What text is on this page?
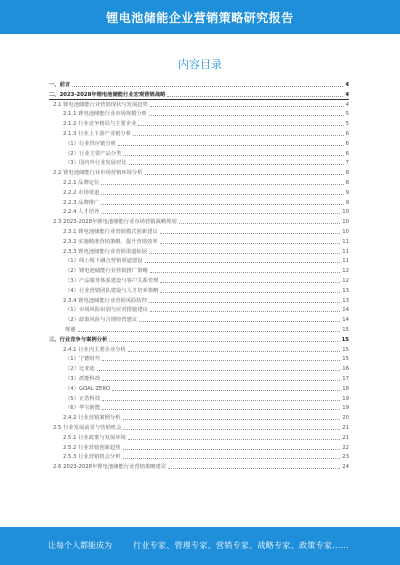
锂电池储能企业营销策略研究报告
内容目录
一、前言	4
二、2023-2028年锂电池储能行业宏观营销战略	4
2.1 锂电池储能行业营销现状与发展趋势	4
2.1.1 锂电池储能行业市场规模分析	5
2.1.2 行业竞争格局与主要企业	5
2.1.3 行业上下游产业链分析	6
（1）行业供应链分析	6
（2）行业主要产品分类	6
（3）国内外行业发展对比	7
2.2 锂电池储能行业市场营销环境分析	8
2.2.1 品牌定位	8
2.2.2 市场渠道	9
2.2.3 品牌推广	9
2.2.4 人才培养	10
2.3 2023-2028年锂电池储能行业市场营销战略规划	10
2.3.1 锂电池储能行业营销模式创新建议	10
2.3.2 实施精准营销策略，提升营销效率	11
2.3.3 锂电池储能行业营销渠道拓展	11
（1）线上线下融合营销渠道建设	11
（2）锂电池储能行业营销推广策略	12
（3）产品服务体系建设与客户关系管理	12
（4）行业营销团队建设与人才培养策略	13
2.3.4 锂电池储能行业营销风险防控	13
（1）市场风险识别与应对措施建议	14
（2）政策风险与合规经营建议	14
规避	15
三、行业竞争与案例分析	15
2.4.1 行业内主要企业分析	15
（1）宁德时代	15
（2）比亚迪	16
（3）派能科技	17
（4）GOAL ZERO	18
（5）正浩科技	19
（6）华宝新能	19
2.4.2 行业营销案例分析	20
2.5 行业发展前景与营销机会	21
2.5.1 行业政策与发展环境	21
2.5.2 行业营销创新趋势	22
2.5.3 行业营销机会分析	23
2.6 2023-2028年锂电池储能行业营销策略建议	24
让每个人都能成为	行业专家、管理专家、营销专家、战略专家、政策专家……
